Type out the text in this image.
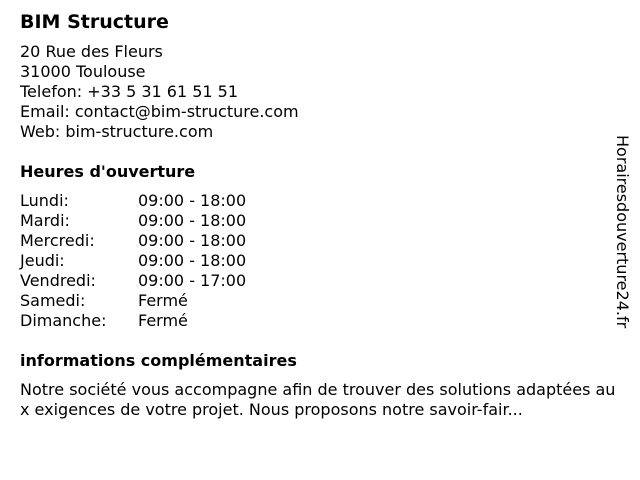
BIM Structure
20 Rue des Fleurs
31000 Toulouse
Telefon: +33 5 31 61 51 51
Email: contact@bim-structure.com
Web: bim-structure.com
Heures d'ouverture
Lundi:	09:00 - 18:00
Mardi:	09:00 - 18:00
Mercredi:	09:00 - 18:00
Jeudi:	09:00 - 18:00
Vendredi:	09:00 - 17:00
Samedi:	Fermé
Dimanche:	Fermé
informations complémentaires
Notre société vous accompagne afin de trouver des solutions adaptées aux exigences de votre projet. Nous proposons notre savoir-fair...
Horairesdouverture24.fr
